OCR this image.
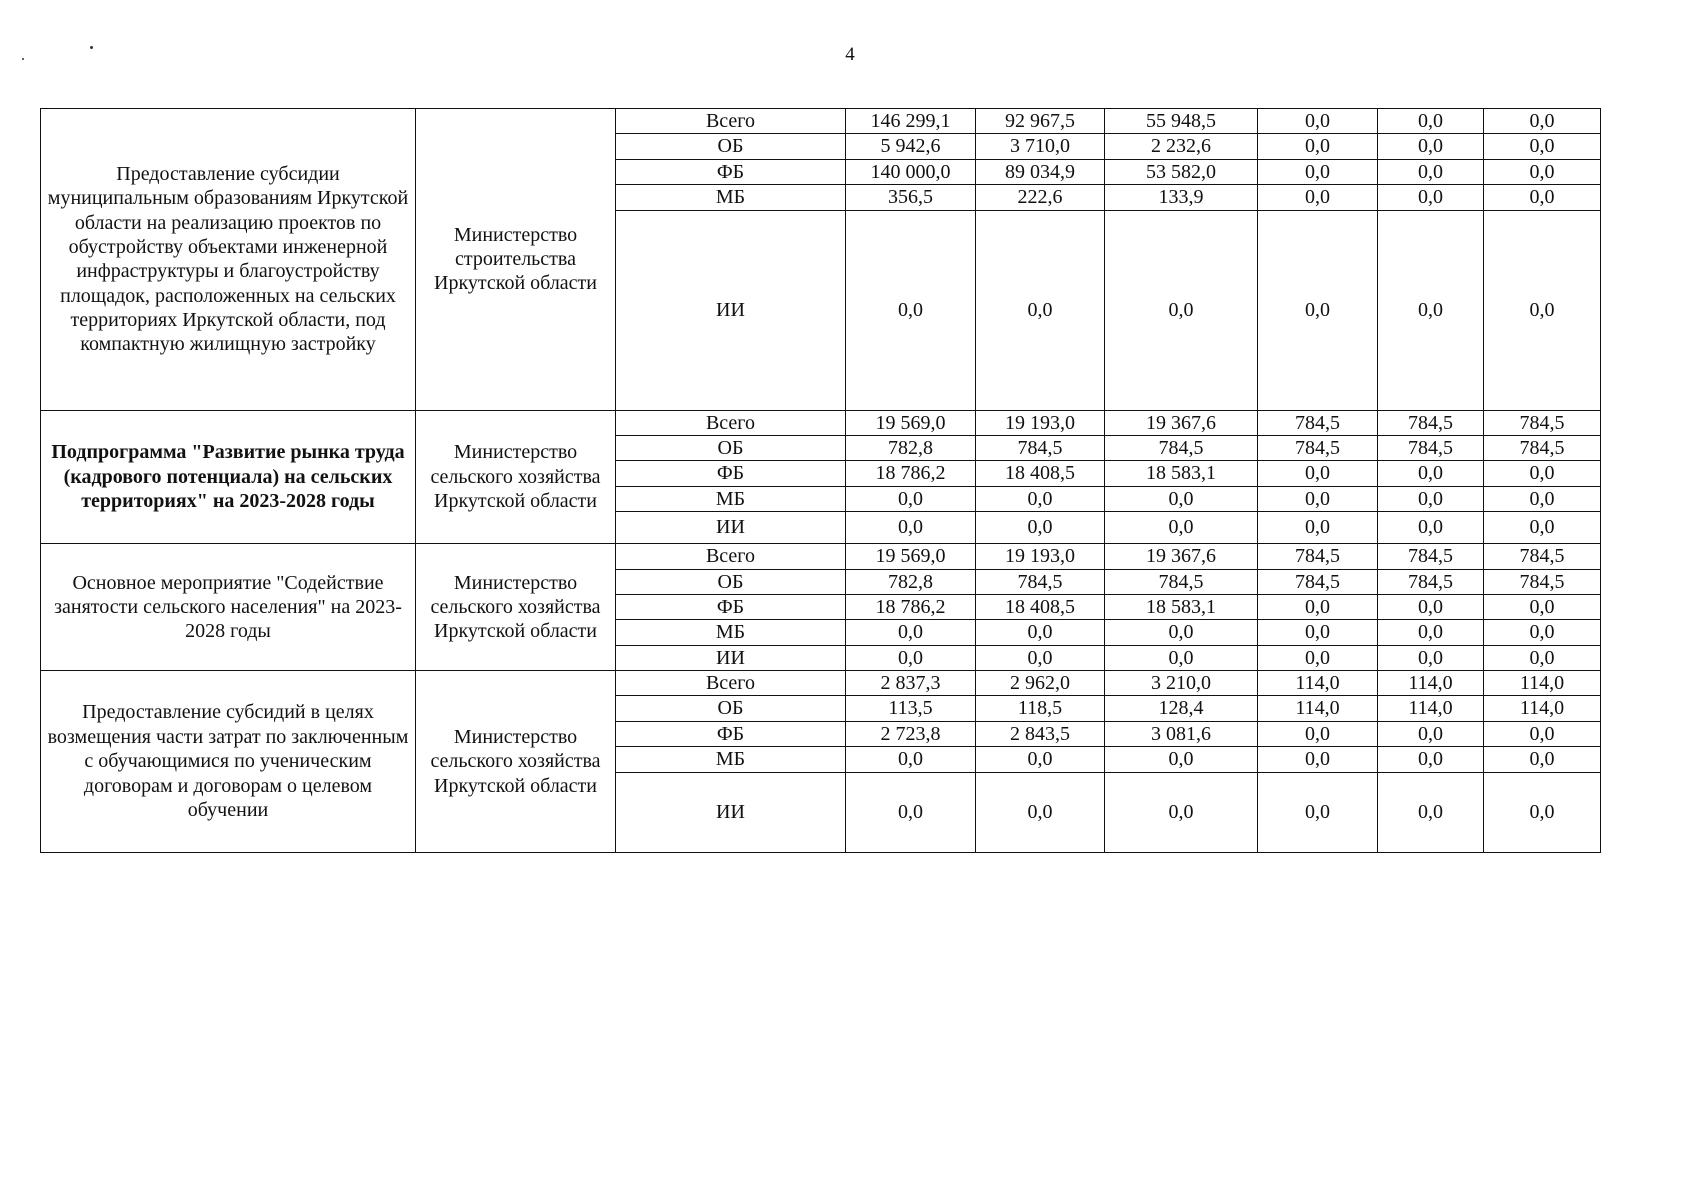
4
Предоставление субсидии муниципальным образованиям Иркутской области на реализацию проектов по обустройству объектами инженерной инфраструктуры и благоустройству площадок, расположенных на сельских территориях Иркутской области, под компактную жилищную застройку	Министерство строительства Иркутской области	Всего	146 299,1	92 967,5	55 948,5	0,0	0,0	0,0
		ОБ	5 942,6	3 710,0	2 232,6	0,0	0,0	0,0
		ФБ	140 000,0	89 034,9	53 582,0	0,0	0,0	0,0
		МБ	356,5	222,6	133,9	0,0	0,0	0,0
		ИИ	0,0	0,0	0,0	0,0	0,0	0,0
Подпрограмма "Развитие рынка труда (кадрового потенциала) на сельских территориях" на 2023-2028 годы	Министерство сельского хозяйства Иркутской области	Всего	19 569,0	19 193,0	19 367,6	784,5	784,5	784,5
		ОБ	782,8	784,5	784,5	784,5	784,5	784,5
		ФБ	18 786,2	18 408,5	18 583,1	0,0	0,0	0,0
		МБ	0,0	0,0	0,0	0,0	0,0	0,0
		ИИ	0,0	0,0	0,0	0,0	0,0	0,0
Основное мероприятие "Содействие занятости сельского населения" на 2023- 2028 годы	Министерство сельского хозяйства Иркутской области	Всего	19 569,0	19 193,0	19 367,6	784,5	784,5	784,5
		ОБ	782,8	784,5	784,5	784,5	784,5	784,5
		ФБ	18 786,2	18 408,5	18 583,1	0,0	0,0	0,0
		МБ	0,0	0,0	0,0	0,0	0,0	0,0
		ИИ	0,0	0,0	0,0	0,0	0,0	0,0
Предоставление субсидий в целях возмещения части затрат по заключенным с обучающимися по ученическим договорам и договорам о целевом обучении	Министерство сельского хозяйства Иркутской области	Всего	2 837,3	2 962,0	3 210,0	114,0	114,0	114,0
		ОБ	113,5	118,5	128,4	114,0	114,0	114,0
		ФБ	2 723,8	2 843,5	3 081,6	0,0	0,0	0,0
		МБ	0,0	0,0	0,0	0,0	0,0	0,0
		ИИ	0,0	0,0	0,0	0,0	0,0	0,0
